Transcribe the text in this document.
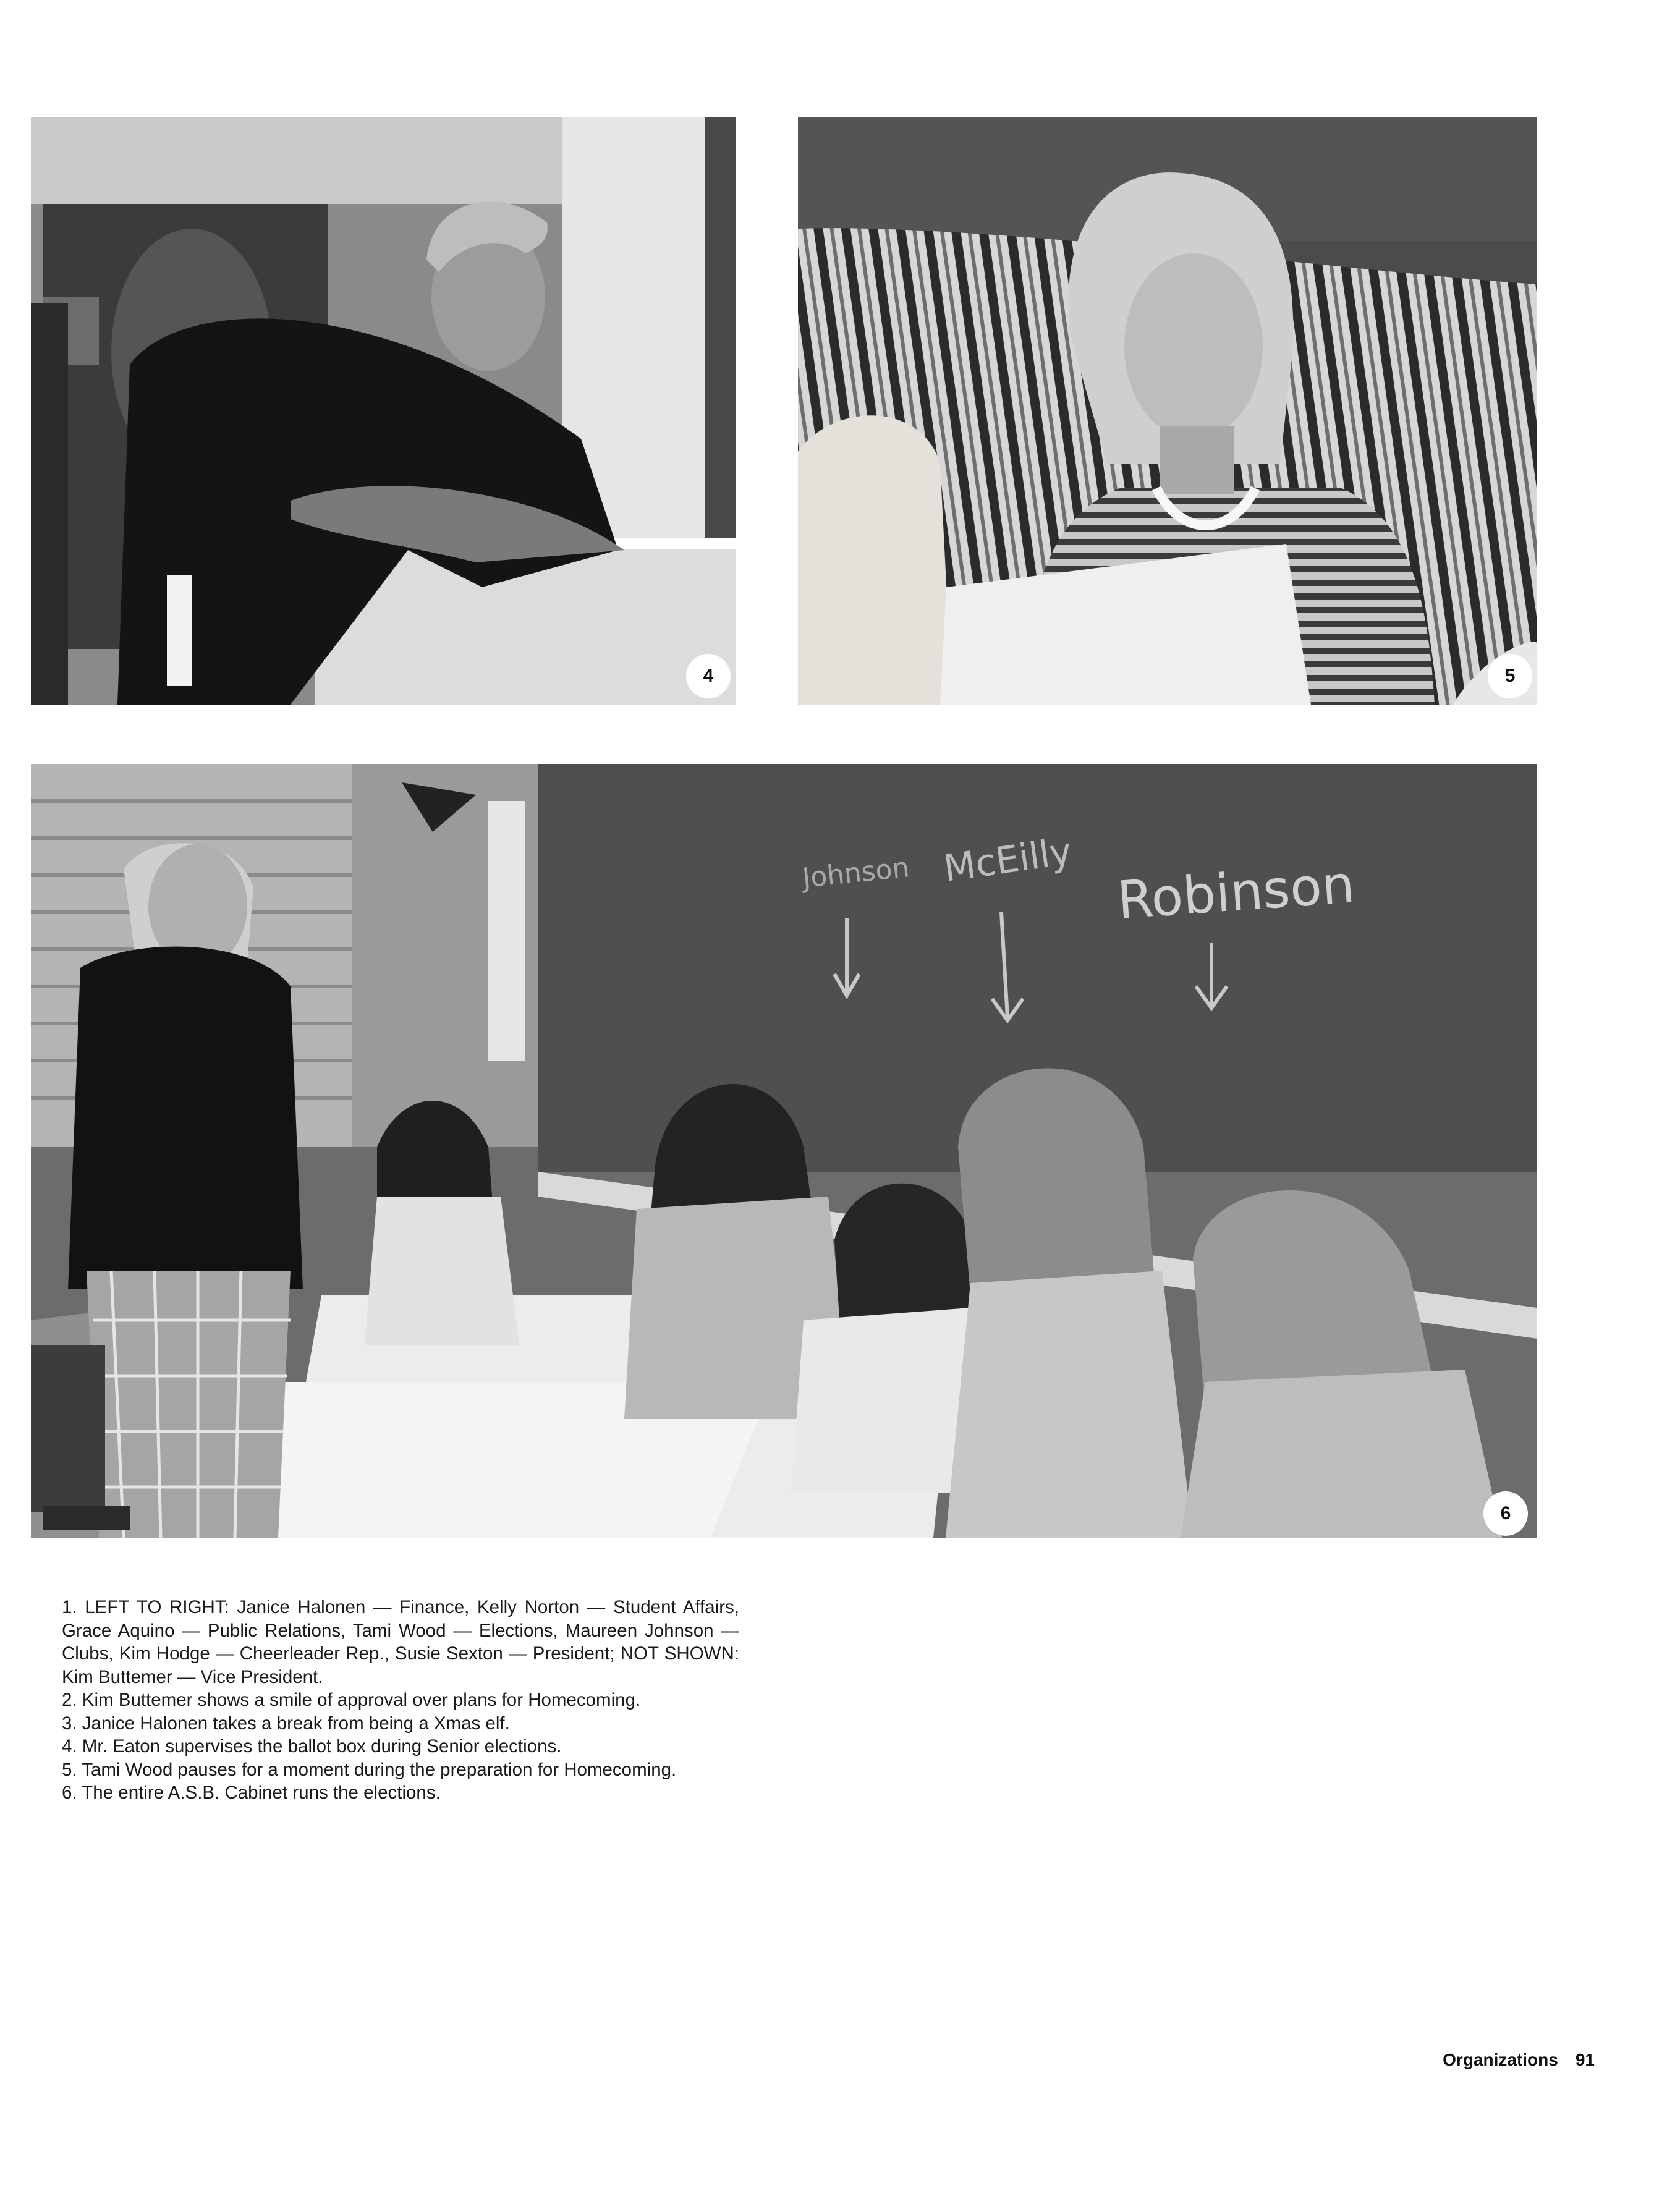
4	5
Robinson
McEilly
Johnson
6

1. LEFT TO RIGHT: Janice Halonen — Finance, Kelly Norton — Student Affairs, Grace Aquino — Public Relations, Tami Wood — Elections, Maureen Johnson — Clubs, Kim Hodge — Cheerleader Rep., Susie Sexton — President; NOT SHOWN: Kim Buttemer — Vice President.

2. Kim Buttemer shows a smile of approval over plans for Homecoming.

3. Janice Halonen takes a break from being a Xmas elf.

4. Mr. Eaton supervises the ballot box during Senior elections.

5. Tami Wood pauses for a moment during the preparation for Homecoming.

6. The entire A.S.B. Cabinet runs the elections.

Organizations 91
